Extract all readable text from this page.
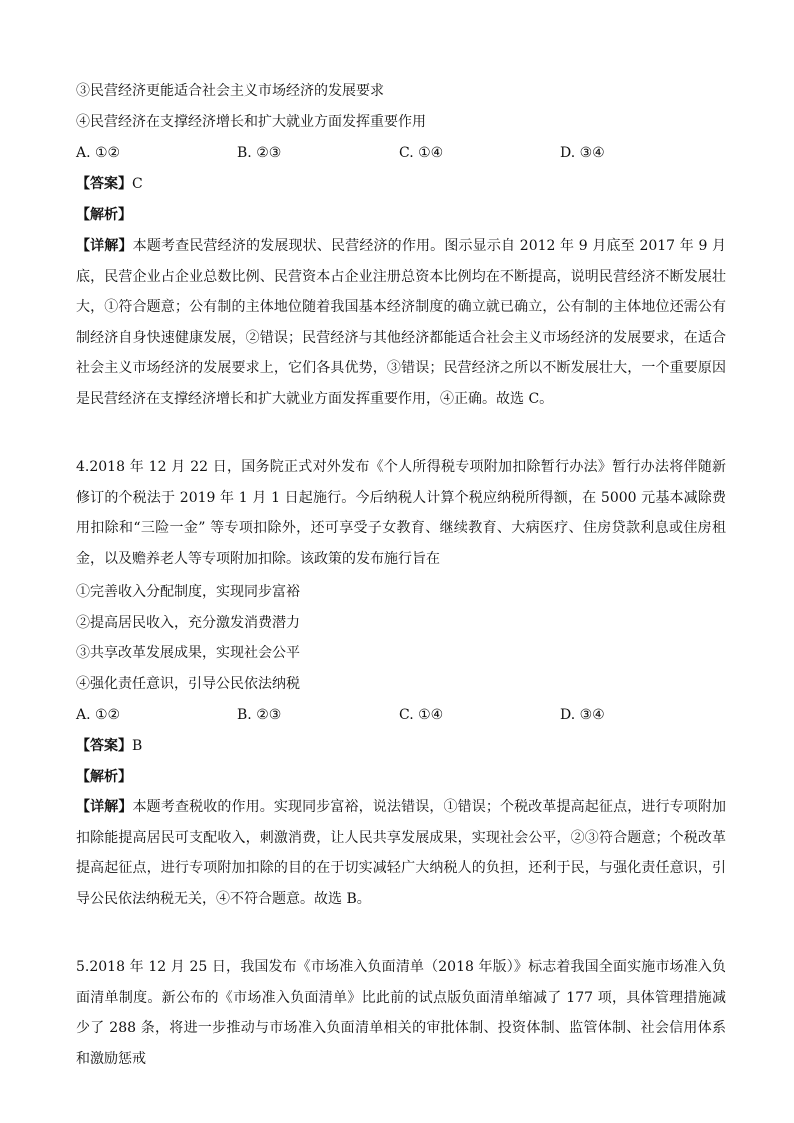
③民营经济更能适合社会主义市场经济的发展要求
④民营经济在支撑经济增长和扩大就业方面发挥重要作用
A. ①②	B. ②③	C. ①④	D. ③④
【答案】C
【解析】
【详解】本题考查民营经济的发展现状、民营经济的作用。图示显示自 2012 年 9 月底至 2017 年 9 月底，民营企业占企业总数比例、民营资本占企业注册总资本比例均在不断提高，说明民营经济不断发展壮大，①符合题意；公有制的主体地位随着我国基本经济制度的确立就已确立，公有制的主体地位还需公有制经济自身快速健康发展，②错误；民营经济与其他经济都能适合社会主义市场经济的发展要求，在适合社会主义市场经济的发展要求上，它们各具优势，③错误；民营经济之所以不断发展壮大，一个重要原因是民营经济在支撑经济增长和扩大就业方面发挥重要作用，④正确。故选 C。
4.2018 年 12 月 22 日，国务院正式对外发布《个人所得税专项附加扣除暂行办法》暂行办法将伴随新修订的个税法于 2019 年 1 月 1 日起施行。今后纳税人计算个税应纳税所得额，在 5000 元基本减除费用扣除和“三险一金” 等专项扣除外，还可享受子女教育、继续教育、大病医疗、住房贷款利息或住房租金，以及赡养老人等专项附加扣除。该政策的发布施行旨在
①完善收入分配制度，实现同步富裕
②提高居民收入，充分激发消费潜力
③共享改革发展成果，实现社会公平
④强化责任意识，引导公民依法纳税
A. ①②	B. ②③	C. ①④	D. ③④
【答案】B
【解析】
【详解】本题考查税收的作用。实现同步富裕，说法错误，①错误；个税改革提高起征点，进行专项附加扣除能提高居民可支配收入，刺激消费，让人民共享发展成果，实现社会公平，②③符合题意；个税改革提高起征点，进行专项附加扣除的目的在于切实减轻广大纳税人的负担，还利于民，与强化责任意识，引导公民依法纳税无关，④不符合题意。故选 B。
5.2018 年 12 月 25 日，我国发布《市场准入负面清单（2018 年版）》标志着我国全面实施市场准入负面清单制度。新公布的《市场准入负面清单》比此前的试点版负面清单缩减了 177 项，具体管理措施减少了 288 条，将进一步推动与市场准入负面清单相关的审批体制、投资体制、监管体制、社会信用体系和激励惩戒
